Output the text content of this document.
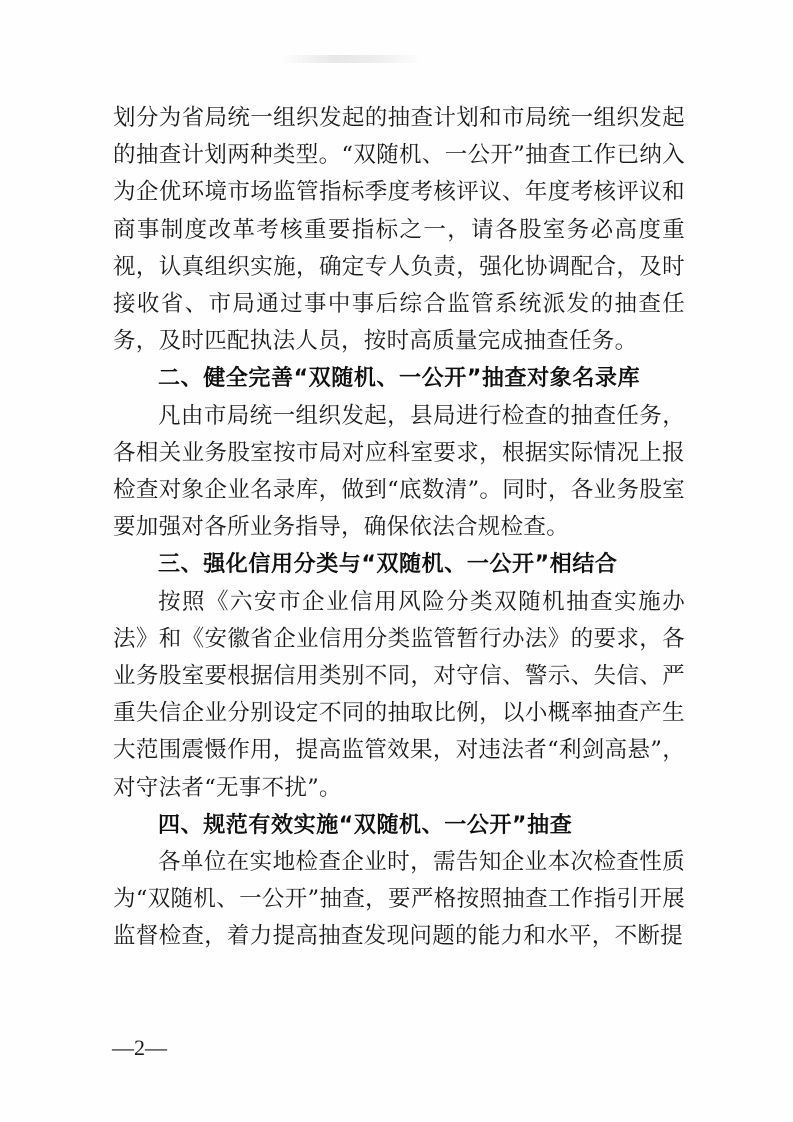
划分为省局统一组织发起的抽查计划和市局统一组织发起的抽查计划两种类型。“双随机、一公开”抽查工作已纳入为企优环境市场监管指标季度考核评议、年度考核评议和商事制度改革考核重要指标之一，请各股室务必高度重视，认真组织实施，确定专人负责，强化协调配合，及时接收省、市局通过事中事后综合监管系统派发的抽查任务，及时匹配执法人员，按时高质量完成抽查任务。

二、健全完善“双随机、一公开”抽查对象名录库

凡由市局统一组织发起，县局进行检查的抽查任务，各相关业务股室按市局对应科室要求，根据实际情况上报检查对象企业名录库，做到“底数清”。同时，各业务股室要加强对各所业务指导，确保依法合规检查。

三、强化信用分类与“双随机、一公开”相结合

按照《六安市企业信用风险分类双随机抽查实施办法》和《安徽省企业信用分类监管暂行办法》的要求，各业务股室要根据信用类别不同，对守信、警示、失信、严重失信企业分别设定不同的抽取比例，以小概率抽查产生大范围震慑作用，提高监管效果，对违法者“利剑高悬”，对守法者“无事不扰”。

四、规范有效实施“双随机、一公开”抽查

各单位在实地检查企业时，需告知企业本次检查性质为“双随机、一公开”抽查，要严格按照抽查工作指引开展监督检查，着力提高抽查发现问题的能力和水平，不断提

—2—
